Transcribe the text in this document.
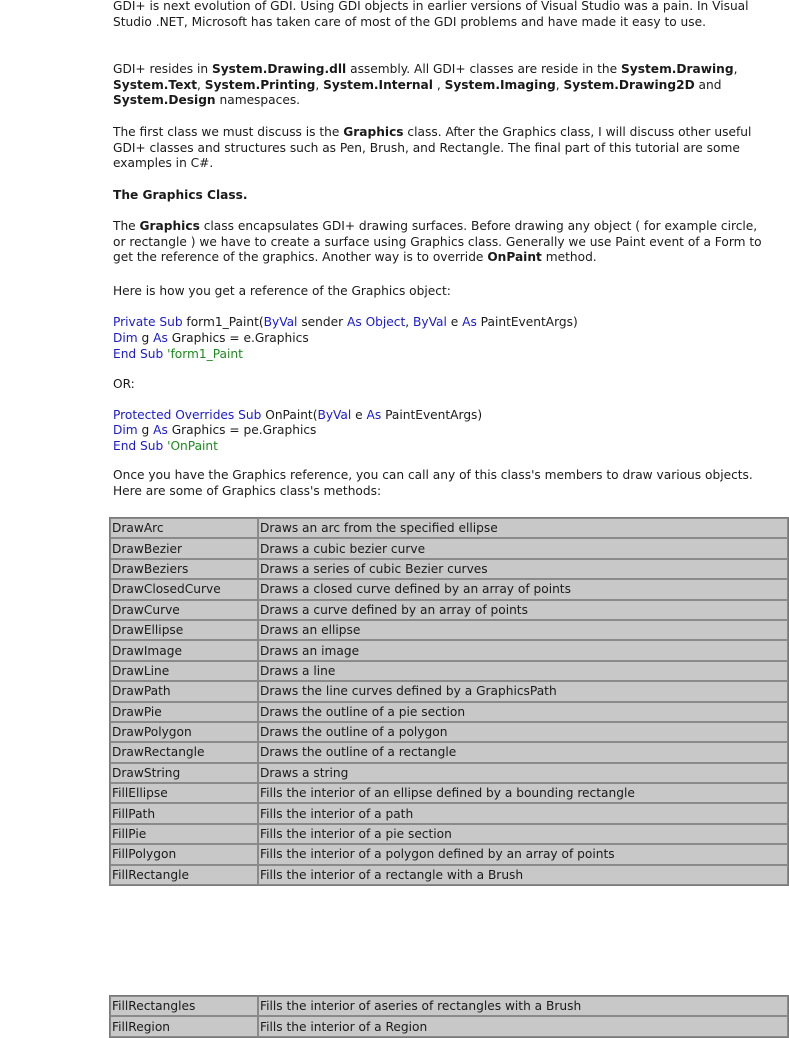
GDI+ is next evolution of GDI. Using GDI objects in earlier versions of Visual Studio was a pain. In Visual Studio .NET, Microsoft has taken care of most of the GDI problems and have made it easy to use.

GDI+ resides in System.Drawing.dll assembly. All GDI+ classes are reside in the System.Drawing, System.Text, System.Printing, System.Internal , System.Imaging, System.Drawing2D and System.Design namespaces.

The first class we must discuss is the Graphics class. After the Graphics class, I will discuss other useful GDI+ classes and structures such as Pen, Brush, and Rectangle. The final part of this tutorial are some examples in C#.

The Graphics Class.

The Graphics class encapsulates GDI+ drawing surfaces. Before drawing any object ( for example circle, or rectangle ) we have to create a surface using Graphics class. Generally we use Paint event of a Form to get the reference of the graphics. Another way is to override OnPaint method.

Here is how you get a reference of the Graphics object:

Private Sub form1_Paint(ByVal sender As Object, ByVal e As PaintEventArgs)
Dim g As Graphics = e.Graphics
End Sub 'form1_Paint

OR:

Protected Overrides Sub OnPaint(ByVal e As PaintEventArgs)
Dim g As Graphics = pe.Graphics
End Sub 'OnPaint

Once you have the Graphics reference, you can call any of this class's members to draw various objects. Here are some of Graphics class's methods:

DrawArc	Draws an arc from the specified ellipse
DrawBezier	Draws a cubic bezier curve
DrawBeziers	Draws a series of cubic Bezier curves
DrawClosedCurve	Draws a closed curve defined by an array of points
DrawCurve	Draws a curve defined by an array of points
DrawEllipse	Draws an ellipse
DrawImage	Draws an image
DrawLine	Draws a line
DrawPath	Draws the line curves defined by a GraphicsPath
DrawPie	Draws the outline of a pie section
DrawPolygon	Draws the outline of a polygon
DrawRectangle	Draws the outline of a rectangle
DrawString	Draws a string
FillEllipse	Fills the interior of an ellipse defined by a bounding rectangle
FillPath	Fills the interior of a path
FillPie	Fills the interior of a pie section
FillPolygon	Fills the interior of a polygon defined by an array of points
FillRectangle	Fills the interior of a rectangle with a Brush
FillRectangles	Fills the interior of aseries of rectangles with a Brush
FillRegion	Fills the interior of a Region
